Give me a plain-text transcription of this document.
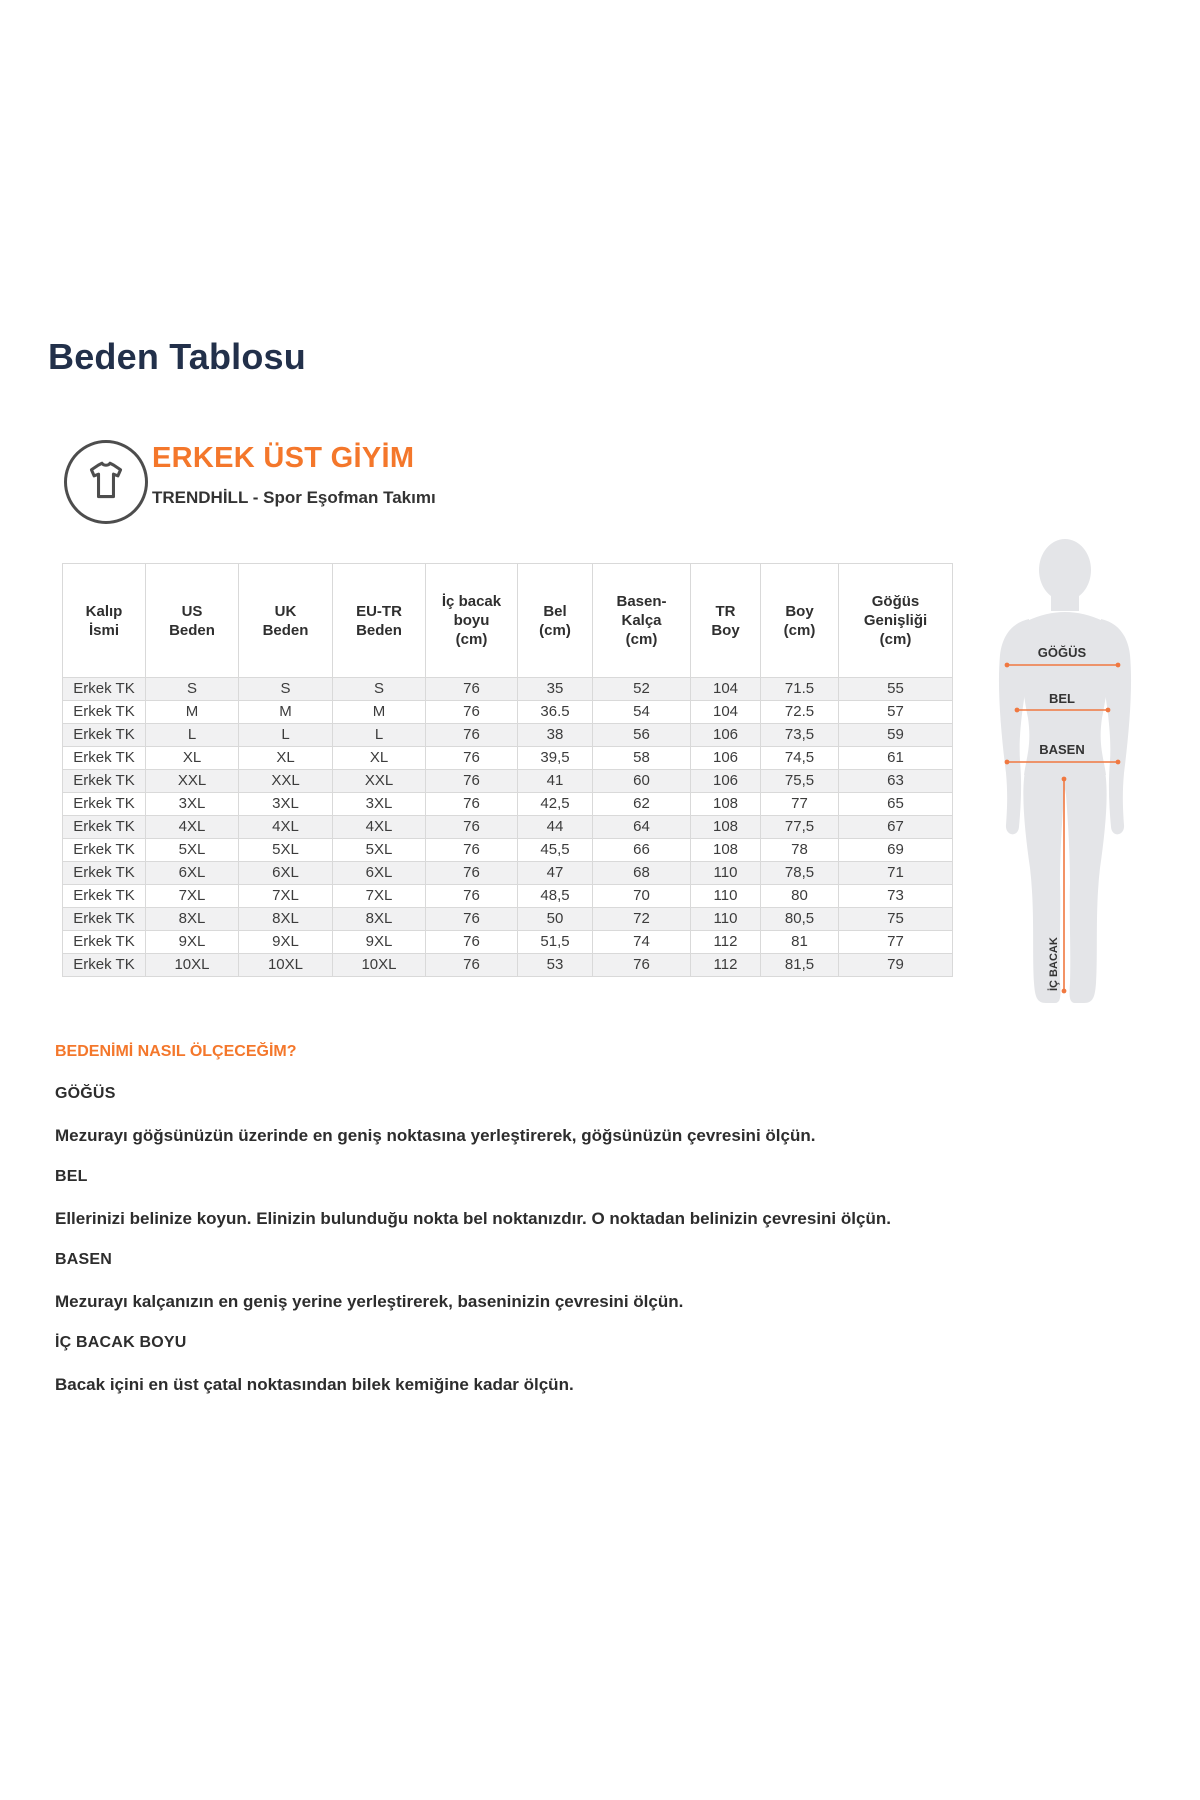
Beden Tablosu
ERKEK ÜST GİYİM
TRENDHİLL - Spor Eşofman Takımı
Kalıp İsmi	US Beden	UK Beden	EU-TR Beden	İç bacak boyu (cm)	Bel (cm)	Basen-Kalça (cm)	TR Boy	Boy (cm)	Göğüs Genişliği (cm)
Erkek TK	S	S	S	76	35	52	104	71.5	55
Erkek TK	M	M	M	76	36.5	54	104	72.5	57
Erkek TK	L	L	L	76	38	56	106	73,5	59
Erkek TK	XL	XL	XL	76	39,5	58	106	74,5	61
Erkek TK	XXL	XXL	XXL	76	41	60	106	75,5	63
Erkek TK	3XL	3XL	3XL	76	42,5	62	108	77	65
Erkek TK	4XL	4XL	4XL	76	44	64	108	77,5	67
Erkek TK	5XL	5XL	5XL	76	45,5	66	108	78	69
Erkek TK	6XL	6XL	6XL	76	47	68	110	78,5	71
Erkek TK	7XL	7XL	7XL	76	48,5	70	110	80	73
Erkek TK	8XL	8XL	8XL	76	50	72	110	80,5	75
Erkek TK	9XL	9XL	9XL	76	51,5	74	112	81	77
Erkek TK	10XL	10XL	10XL	76	53	76	112	81,5	79
GÖĞÜS
BEL
BASEN
İÇ BACAK
BEDENİMİ NASIL ÖLÇECEĞİM?
GÖĞÜS

Mezurayı göğsünüzün üzerinde en geniş noktasına yerleştirerek, göğsünüzün çevresini ölçün.

BEL

Ellerinizi belinize koyun. Elinizin bulunduğu nokta bel noktanızdır. O noktadan belinizin çevresini ölçün.

BASEN

Mezurayı kalçanızın en geniş yerine yerleştirerek, baseninizin çevresini ölçün.

İÇ BACAK BOYU

Bacak içini en üst çatal noktasından bilek kemiğine kadar ölçün.
